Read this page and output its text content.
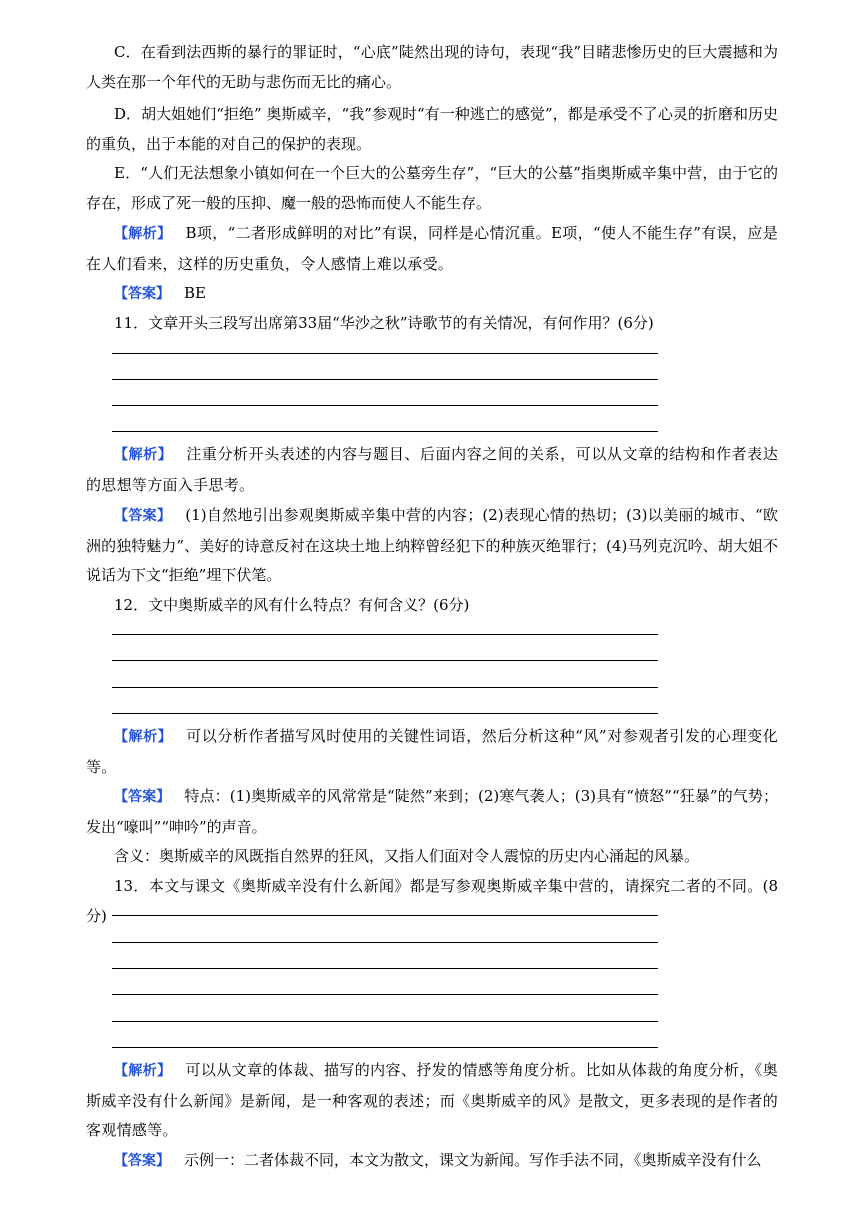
C．在看到法西斯的暴行的罪证时，“心底”陡然出现的诗句，表现“我”目睹悲惨历史的巨大震撼和为人类在那一个年代的无助与悲伤而无比的痛心。

D．胡大姐她们“拒绝” 奥斯威辛，“我”参观时“有一种逃亡的感觉”，都是承受不了心灵的折磨和历史的重负，出于本能的对自己的保护的表现。

E．“人们无法想象小镇如何在一个巨大的公墓旁生存”，“巨大的公墓”指奥斯威辛集中营，由于它的存在，形成了死一般的压抑、魔一般的恐怖而使人不能生存。

【解析】 B项，“二者形成鲜明的对比”有误，同样是心情沉重。E项，“使人不能生存”有误，应是在人们看来，这样的历史重负，令人感情上难以承受。

【答案】 BE

11．文章开头三段写出席第33届“华沙之秋”诗歌节的有关情况，有何作用？(6分)

【解析】 注重分析开头表述的内容与题目、后面内容之间的关系，可以从文章的结构和作者表达的思想等方面入手思考。

【答案】 (1)自然地引出参观奥斯威辛集中营的内容；(2)表现心情的热切；(3)以美丽的城市、“欧洲的独特魅力”、美好的诗意反衬在这块土地上纳粹曾经犯下的种族灭绝罪行；(4)马列克沉吟、胡大姐不说话为下文“拒绝”埋下伏笔。

12．文中奥斯威辛的风有什么特点？有何含义？(6分)

【解析】 可以分析作者描写风时使用的关键性词语，然后分析这种“风”对参观者引发的心理变化等。

【答案】 特点：(1)奥斯威辛的风常常是“陡然”来到；(2)寒气袭人；(3)具有“愤怒”“狂暴”的气势；发出“嚎叫”“呻吟”的声音。

含义：奥斯威辛的风既指自然界的狂风，又指人们面对令人震惊的历史内心涌起的风暴。

13．本文与课文《奥斯威辛没有什么新闻》都是写参观奥斯威辛集中营的，请探究二者的不同。(8分)

【解析】 可以从文章的体裁、描写的内容、抒发的情感等角度分析。比如从体裁的角度分析，《奥斯威辛没有什么新闻》是新闻，是一种客观的表述；而《奥斯威辛的风》是散文，更多表现的是作者的客观情感等。

【答案】 示例一：二者体裁不同，本文为散文，课文为新闻。写作手法不同，《奥斯威辛没有什么
